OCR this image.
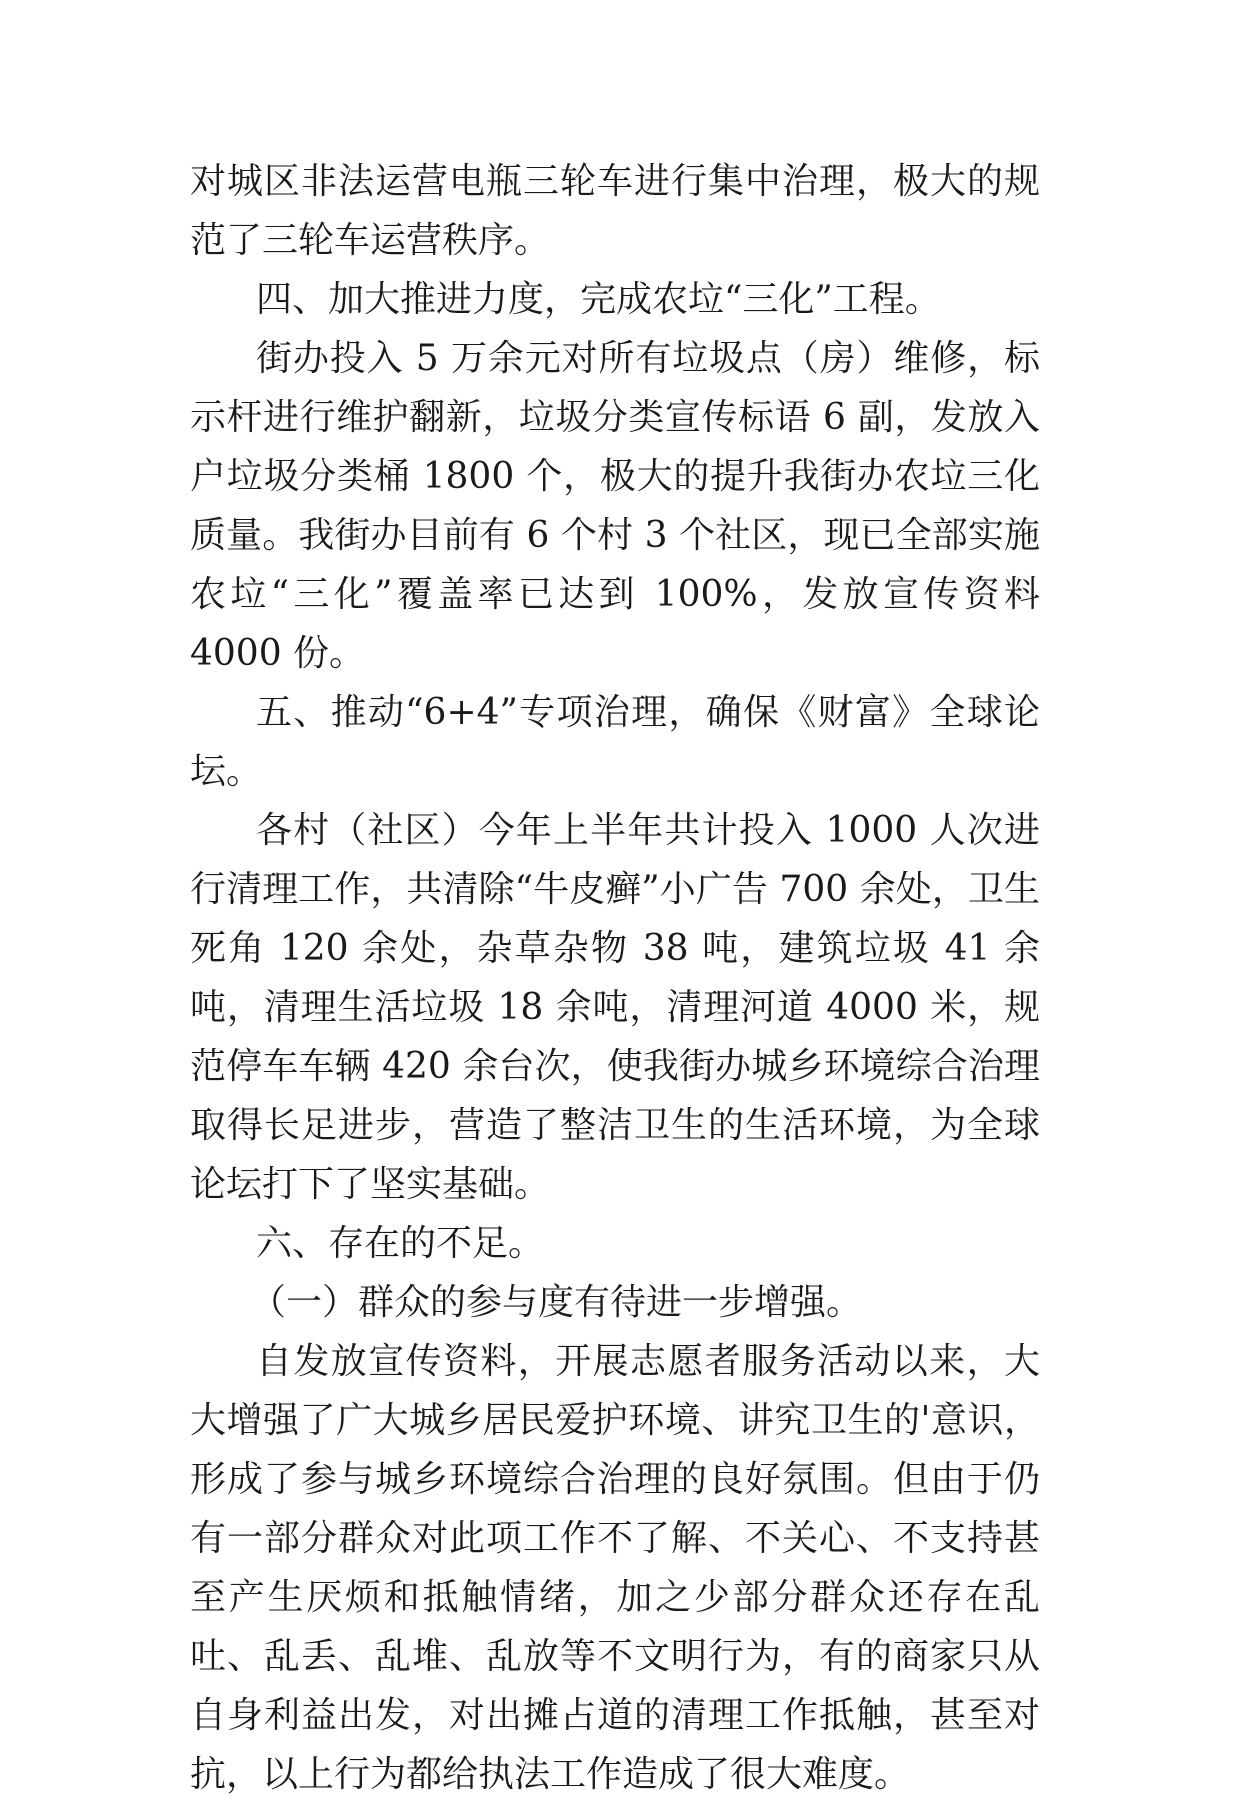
对城区非法运营电瓶三轮车进行集中治理，极大的规范了三轮车运营秩序。

四、加大推进力度，完成农垃“三化”工程。

街办投入 5 万余元对所有垃圾点（房）维修，标示杆进行维护翻新，垃圾分类宣传标语 6 副，发放入户垃圾分类桶 1800 个，极大的提升我街办农垃三化质量。我街办目前有 6 个村 3 个社区，现已全部实施农垃“三化”覆盖率已达到 100%，发放宣传资料 4000 份。

五、推动“6+4”专项治理，确保《财富》全球论坛。

各村（社区）今年上半年共计投入 1000 人次进行清理工作，共清除“牛皮癣”小广告 700 余处，卫生死角 120 余处，杂草杂物 38 吨，建筑垃圾 41 余吨，清理生活垃圾 18 余吨，清理河道 4000 米，规范停车车辆 420 余台次，使我街办城乡环境综合治理取得长足进步，营造了整洁卫生的生活环境，为全球论坛打下了坚实基础。

六、存在的不足。

（一）群众的参与度有待进一步增强。

自发放宣传资料，开展志愿者服务活动以来，大大增强了广大城乡居民爱护环境、讲究卫生的'意识，形成了参与城乡环境综合治理的良好氛围。但由于仍有一部分群众对此项工作不了解、不关心、不支持甚至产生厌烦和抵触情绪，加之少部分群众还存在乱吐、乱丢、乱堆、乱放等不文明行为，有的商家只从自身利益出发，对出摊占道的清理工作抵触，甚至对抗，以上行为都给执法工作造成了很大难度。
